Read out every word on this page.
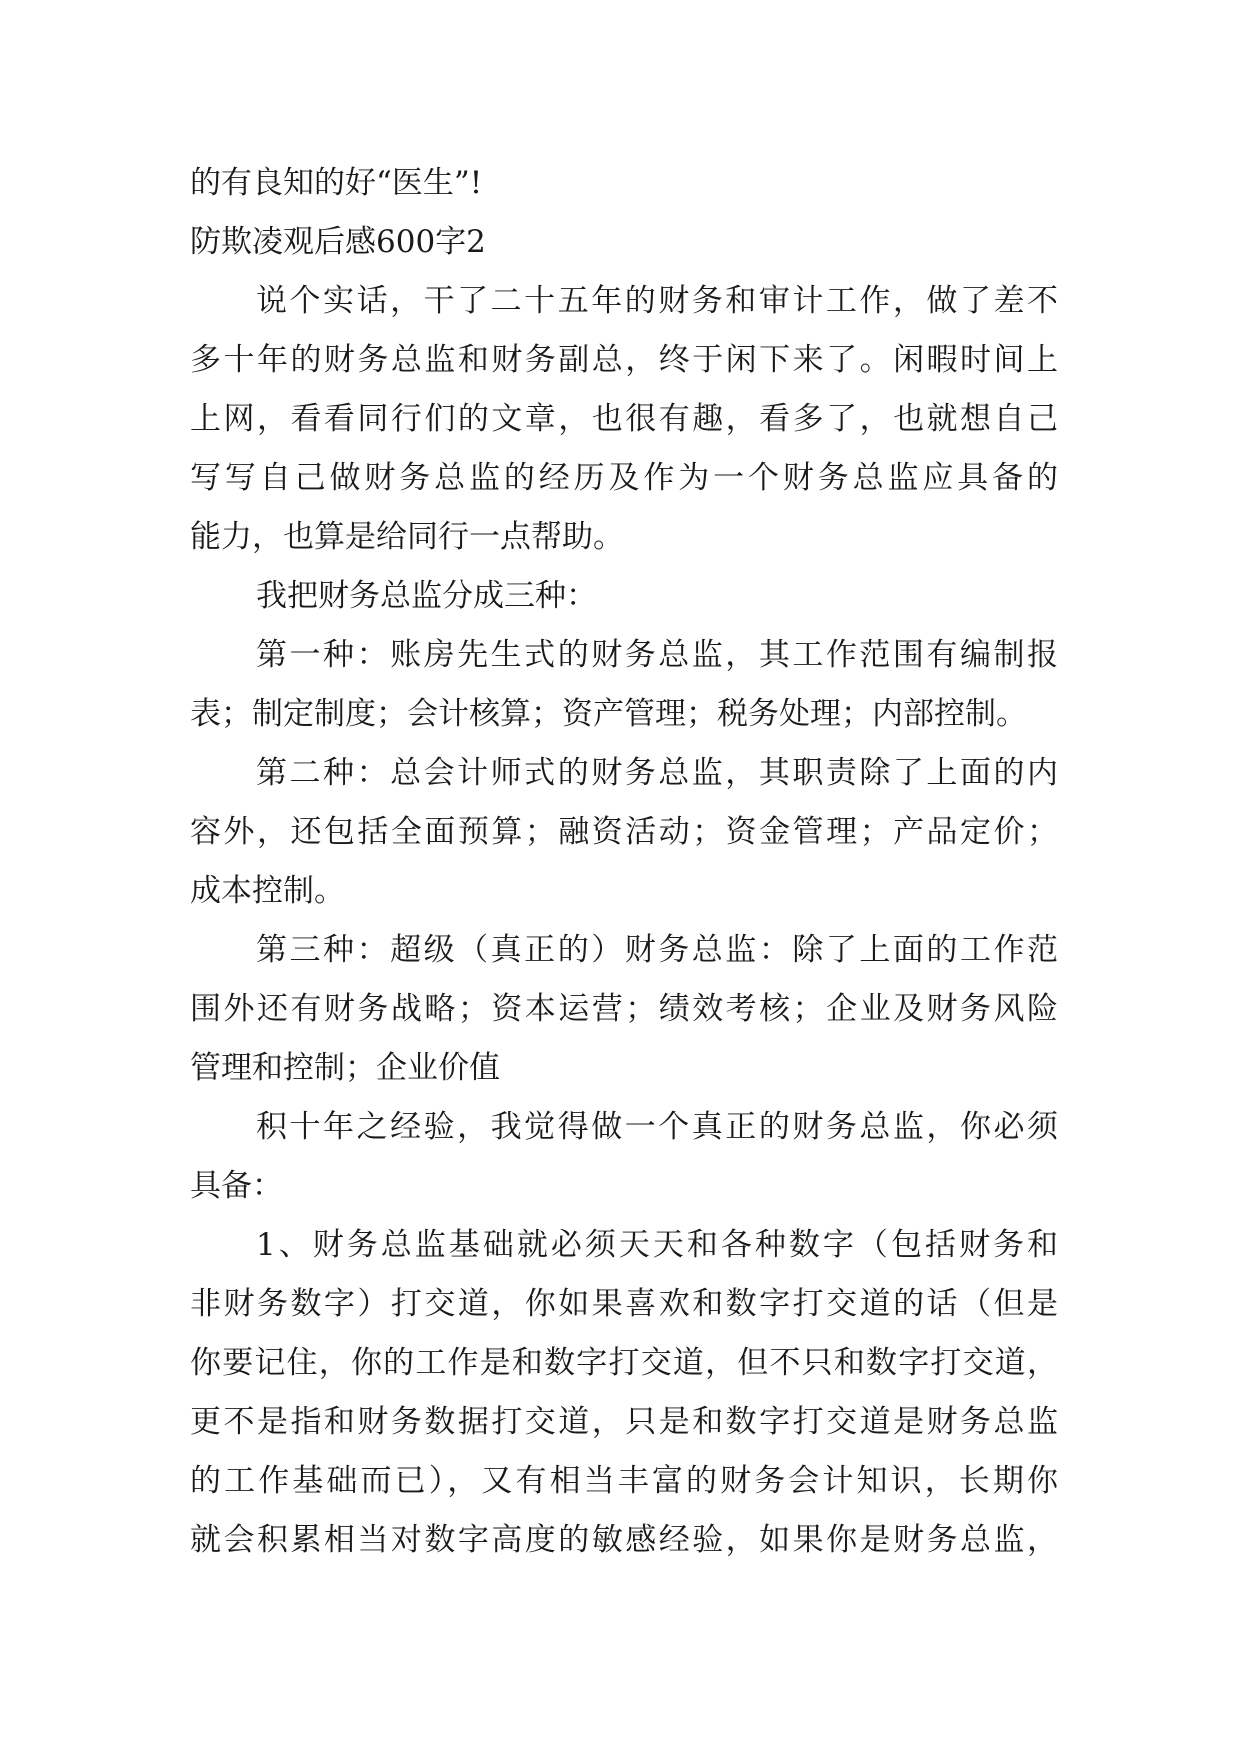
的有良知的好“医生”!
防欺凌观后感600字2
说个实话，干了二十五年的财务和审计工作，做了差不
多十年的财务总监和财务副总，终于闲下来了。闲暇时间上
上网，看看同行们的文章，也很有趣，看多了，也就想自己
写写自己做财务总监的经历及作为一个财务总监应具备的
能力，也算是给同行一点帮助。
我把财务总监分成三种：
第一种：账房先生式的财务总监，其工作范围有编制报
表；制定制度；会计核算；资产管理；税务处理；内部控制。
第二种：总会计师式的财务总监，其职责除了上面的内
容外，还包括全面预算；融资活动；资金管理；产品定价；
成本控制。
第三种：超级（真正的）财务总监：除了上面的工作范
围外还有财务战略；资本运营；绩效考核；企业及财务风险
管理和控制；企业价值
积十年之经验，我觉得做一个真正的财务总监，你必须
具备：
1、财务总监基础就必须天天和各种数字（包括财务和
非财务数字）打交道，你如果喜欢和数字打交道的话（但是
你要记住，你的工作是和数字打交道，但不只和数字打交道，
更不是指和财务数据打交道，只是和数字打交道是财务总监
的工作基础而已），又有相当丰富的财务会计知识，长期你
就会积累相当对数字高度的敏感经验，如果你是财务总监，
